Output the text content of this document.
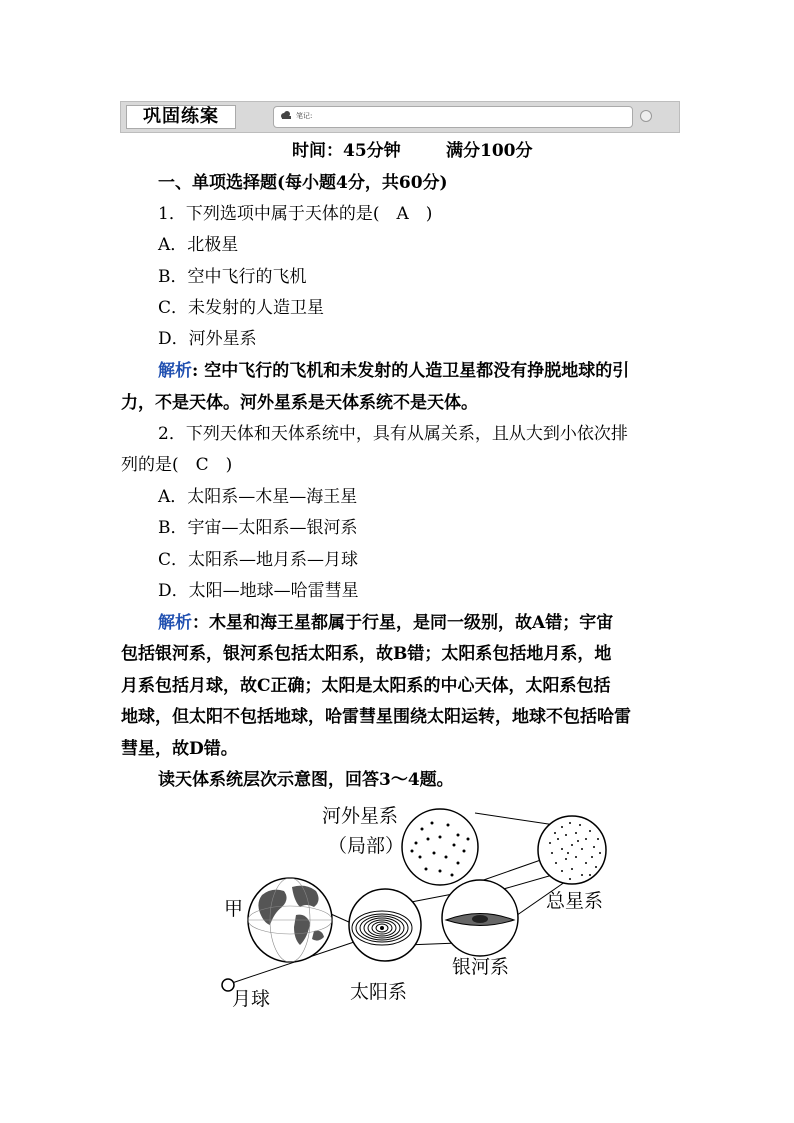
巩固练案	笔记:
时间：45分钟	满分100分
一、单项选择题(每小题4分，共60分)
1．下列选项中属于天体的是(　A　)
A．北极星
B．空中飞行的飞机
C．未发射的人造卫星
D．河外星系
解析: 空中飞行的飞机和未发射的人造卫星都没有挣脱地球的引
力，不是天体。河外星系是天体系统不是天体。
2．下列天体和天体系统中，具有从属关系，且从大到小依次排
列的是(　C　)
A．太阳系—木星—海王星
B．宇宙—太阳系—银河系
C．太阳系—地月系—月球
D．太阳—地球—哈雷彗星
解析：木星和海王星都属于行星，是同一级别，故A错；宇宙
包括银河系，银河系包括太阳系，故B错；太阳系包括地月系，地
月系包括月球，故C正确；太阳是太阳系的中心天体，太阳系包括
地球，但太阳不包括地球，哈雷彗星围绕太阳运转，地球不包括哈雷
彗星，故D错。
读天体系统层次示意图，回答3～4题。
河外星系
（局部）
总星系
甲
银河系
太阳系
月球
